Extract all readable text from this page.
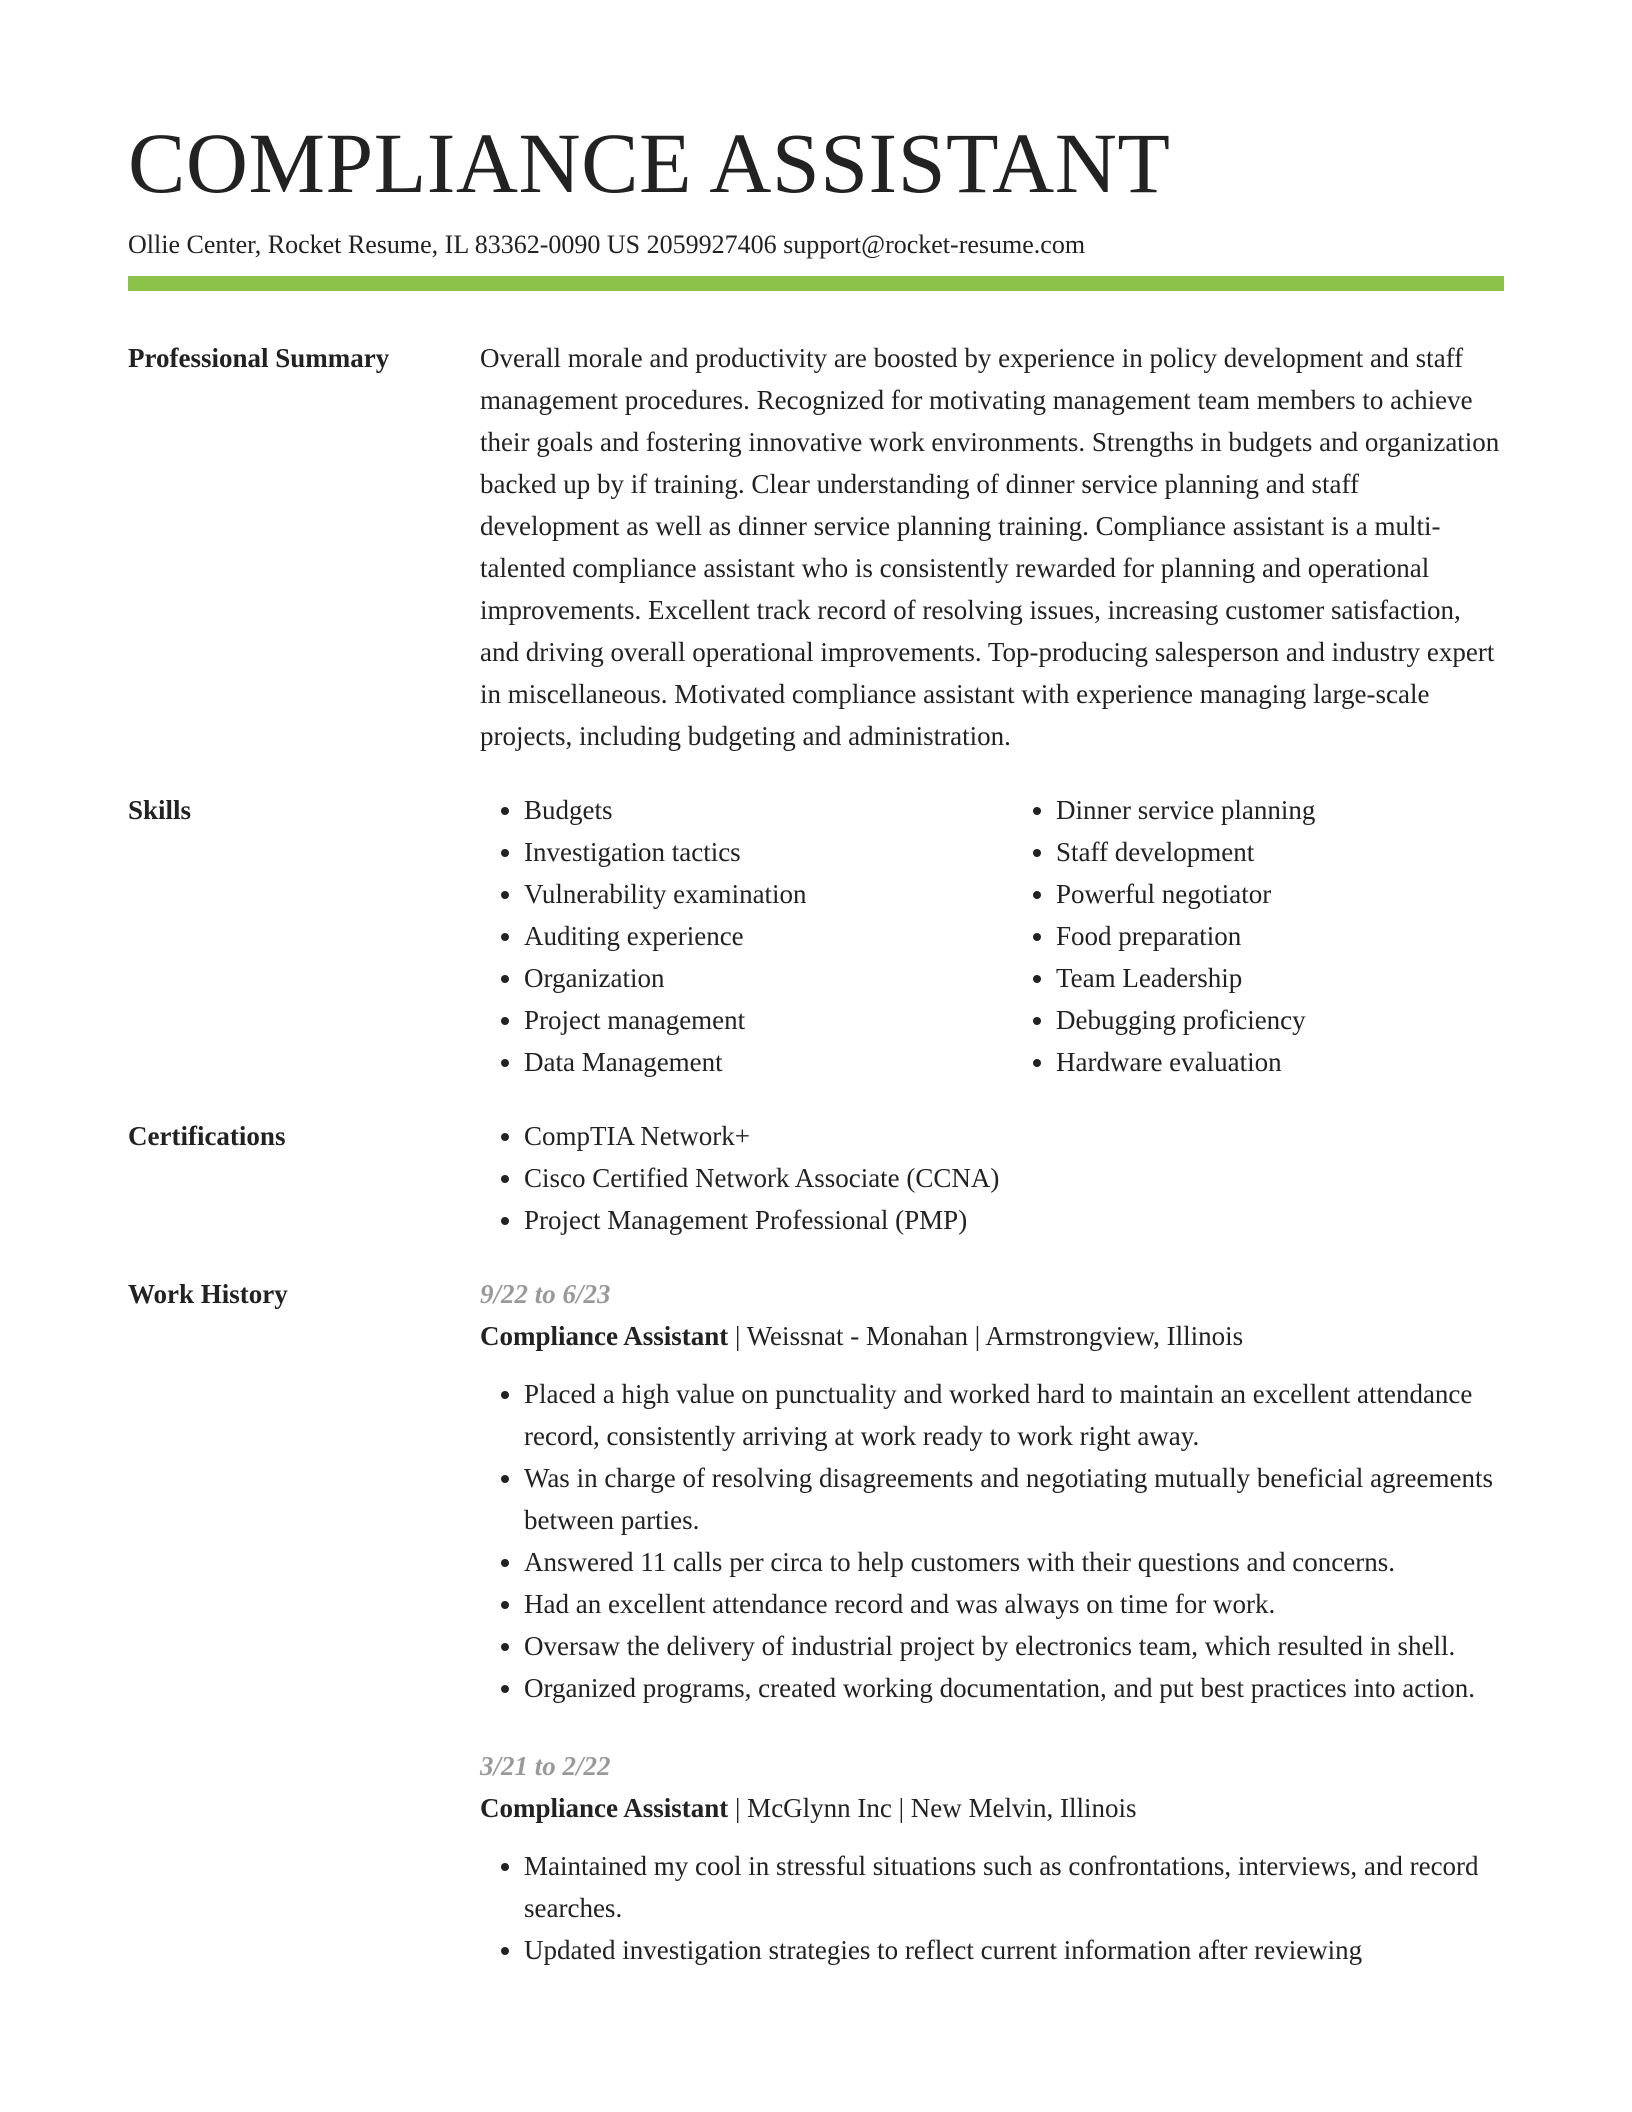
COMPLIANCE ASSISTANT
Ollie Center, Rocket Resume, IL 83362-0090 US 2059927406 support@rocket-resume.com
Professional Summary	Overall morale and productivity are boosted by experience in policy development and staff management procedures. Recognized for motivating management team members to achieve their goals and fostering innovative work environments. Strengths in budgets and organization backed up by if training. Clear understanding of dinner service planning and staff development as well as dinner service planning training. Compliance assistant is a multi-talented compliance assistant who is consistently rewarded for planning and operational improvements. Excellent track record of resolving issues, increasing customer satisfaction, and driving overall operational improvements. Top-producing salesperson and industry expert in miscellaneous. Motivated compliance assistant with experience managing large-scale projects, including budgeting and administration.
Skills	• Budgets
• Investigation tactics
• Vulnerability examination
• Auditing experience
• Organization
• Project management
• Data Management
• Dinner service planning
• Staff development
• Powerful negotiator
• Food preparation
• Team Leadership
• Debugging proficiency
• Hardware evaluation
Certifications	• CompTIA Network+
• Cisco Certified Network Associate (CCNA)
• Project Management Professional (PMP)
Work History	9/22 to 6/23
Compliance Assistant | Weissnat - Monahan | Armstrongview, Illinois
• Placed a high value on punctuality and worked hard to maintain an excellent attendance record, consistently arriving at work ready to work right away.
• Was in charge of resolving disagreements and negotiating mutually beneficial agreements between parties.
• Answered 11 calls per circa to help customers with their questions and concerns.
• Had an excellent attendance record and was always on time for work.
• Oversaw the delivery of industrial project by electronics team, which resulted in shell.
• Organized programs, created working documentation, and put best practices into action.
3/21 to 2/22
Compliance Assistant | McGlynn Inc | New Melvin, Illinois
• Maintained my cool in stressful situations such as confrontations, interviews, and record searches.
• Updated investigation strategies to reflect current information after reviewing
